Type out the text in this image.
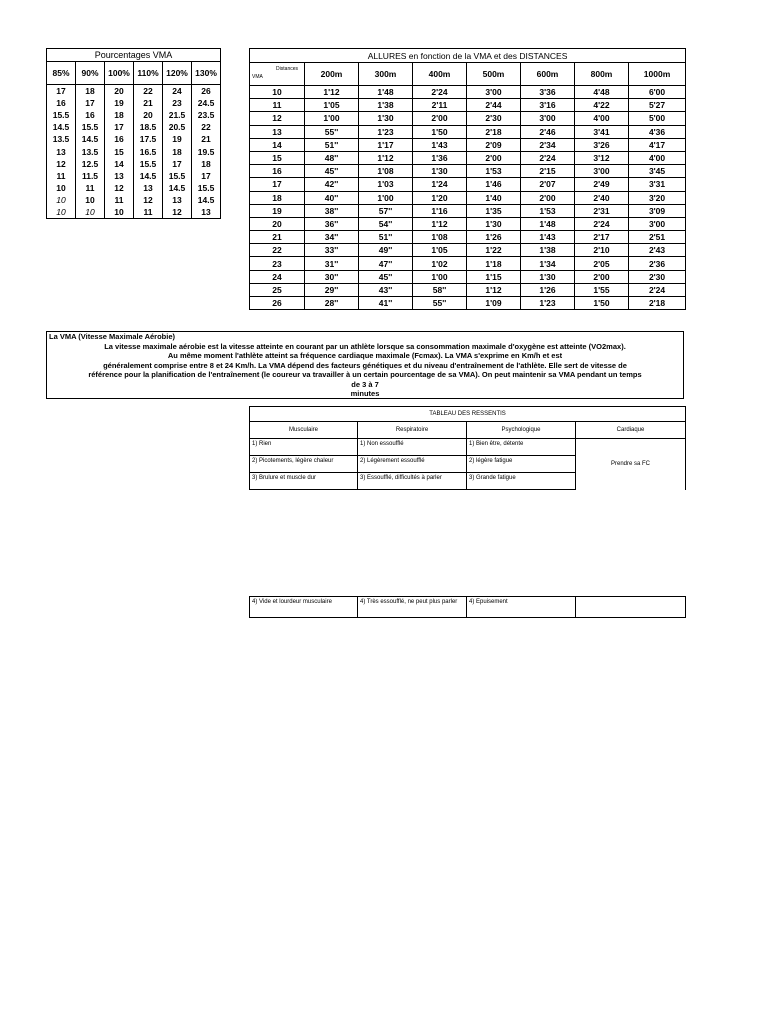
Pourcentages VMA					
85%	90%	100%	110%	120%	130%
17	18	20	22	24	26
16	17	19	21	23	24.5
15.5	16	18	20	21.5	23.5
14.5	15.5	17	18.5	20.5	22
13.5	14.5	16	17.5	19	21
13	13.5	15	16.5	18	19.5
12	12.5	14	15.5	17	18
11	11.5	13	14.5	15.5	17
10	11	12	13	14.5	15.5
10	10	11	12	13	14.5
10	10	10	11	12	13
ALLURES en fonction de la VMA et des DISTANCES							

Distances
VMA	200m	300m	400m	500m	600m	800m	1000m
10	1'12	1'48	2'24	3'00	3'36	4'48	6'00
11	1'05	1'38	2'11	2'44	3'16	4'22	5'27
12	1'00	1'30	2'00	2'30	3'00	4'00	5'00
13	55''	1'23	1'50	2'18	2'46	3'41	4'36
14	51''	1'17	1'43	2'09	2'34	3'26	4'17
15	48''	1'12	1'36	2'00	2'24	3'12	4'00
16	45''	1'08	1'30	1'53	2'15	3'00	3'45
17	42''	1'03	1'24	1'46	2'07	2'49	3'31
18	40''	1'00	1'20	1'40	2'00	2'40	3'20
19	38''	57''	1'16	1'35	1'53	2'31	3'09
20	36''	54''	1'12	1'30	1'48	2'24	3'00
21	34''	51''	1'08	1'26	1'43	2'17	2'51
22	33''	49''	1'05	1'22	1'38	2'10	2'43
23	31''	47''	1'02	1'18	1'34	2'05	2'36
24	30''	45''	1'00	1'15	1'30	2'00	2'30
25	29''	43''	58''	1'12	1'26	1'55	2'24
26	28''	41''	55''	1'09	1'23	1'50	2'18
La VMA (Vitesse Maximale Aérobie)
La vitesse maximale aérobie est la vitesse atteinte en courant par un athlète lorsque sa consommation maximale d'oxygène est atteinte (VO2max).
Au même moment l'athlète atteint sa fréquence cardiaque maximale (Fcmax). La VMA s'exprime en Km/h et est
généralement comprise entre 8 et 24 Km/h. La VMA dépend des facteurs génétiques et du niveau d'entraînement de l'athlète. Elle sert de vitesse de
référence pour la planification de l'entraînement (le coureur va travailler à un certain pourcentage de sa VMA). On peut maintenir sa VMA pendant un temps de 3 à 7
minutes
TABLEAU DES RESSENTIS			
Musculaire	Respiratoire	Psychologique	Cardiaque
1) Rien	1) Non essoufflé	1) Bien être, détente	Prendre sa FC
2) Picotements, légère chaleur	2) Légèrement essoufflé	2) légère fatigue	
3) Brulure et muscle dur	3) Essoufflé, difficultés à parler	3) Grande fatigue	

4) Vide et lourdeur musculaire	4) Très essoufflé, ne peut plus parler	4) Epuisement	
